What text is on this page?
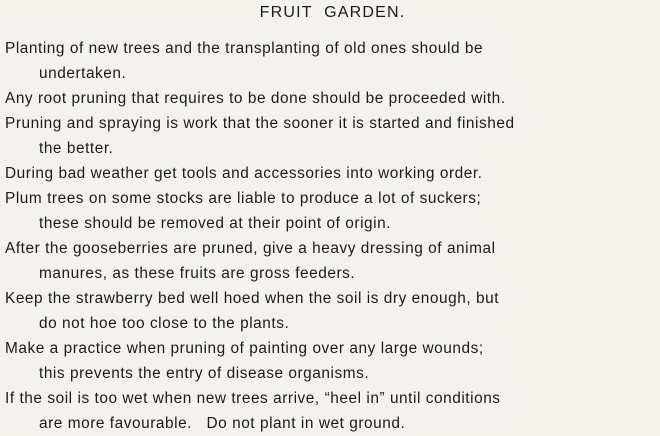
FRUIT GARDEN.

Planting of new trees and the transplanting of old ones should be
undertaken.

Any root pruning that requires to be done should be proceeded with.

Pruning and spraying is work that the sooner it is started and finished
the better.

During bad weather get tools and accessories into working order.

Plum trees on some stocks are liable to produce a lot of suckers;
these should be removed at their point of origin.

After the gooseberries are pruned, give a heavy dressing of animal
manures, as these fruits are gross feeders.

Keep the strawberry bed well hoed when the soil is dry enough, but
do not hoe too close to the plants.

Make a practice when pruning of painting over any large wounds;
this prevents the entry of disease organisms.

If the soil is too wet when new trees arrive, “heel in” until conditions
are more favourable.   Do not plant in wet ground.
